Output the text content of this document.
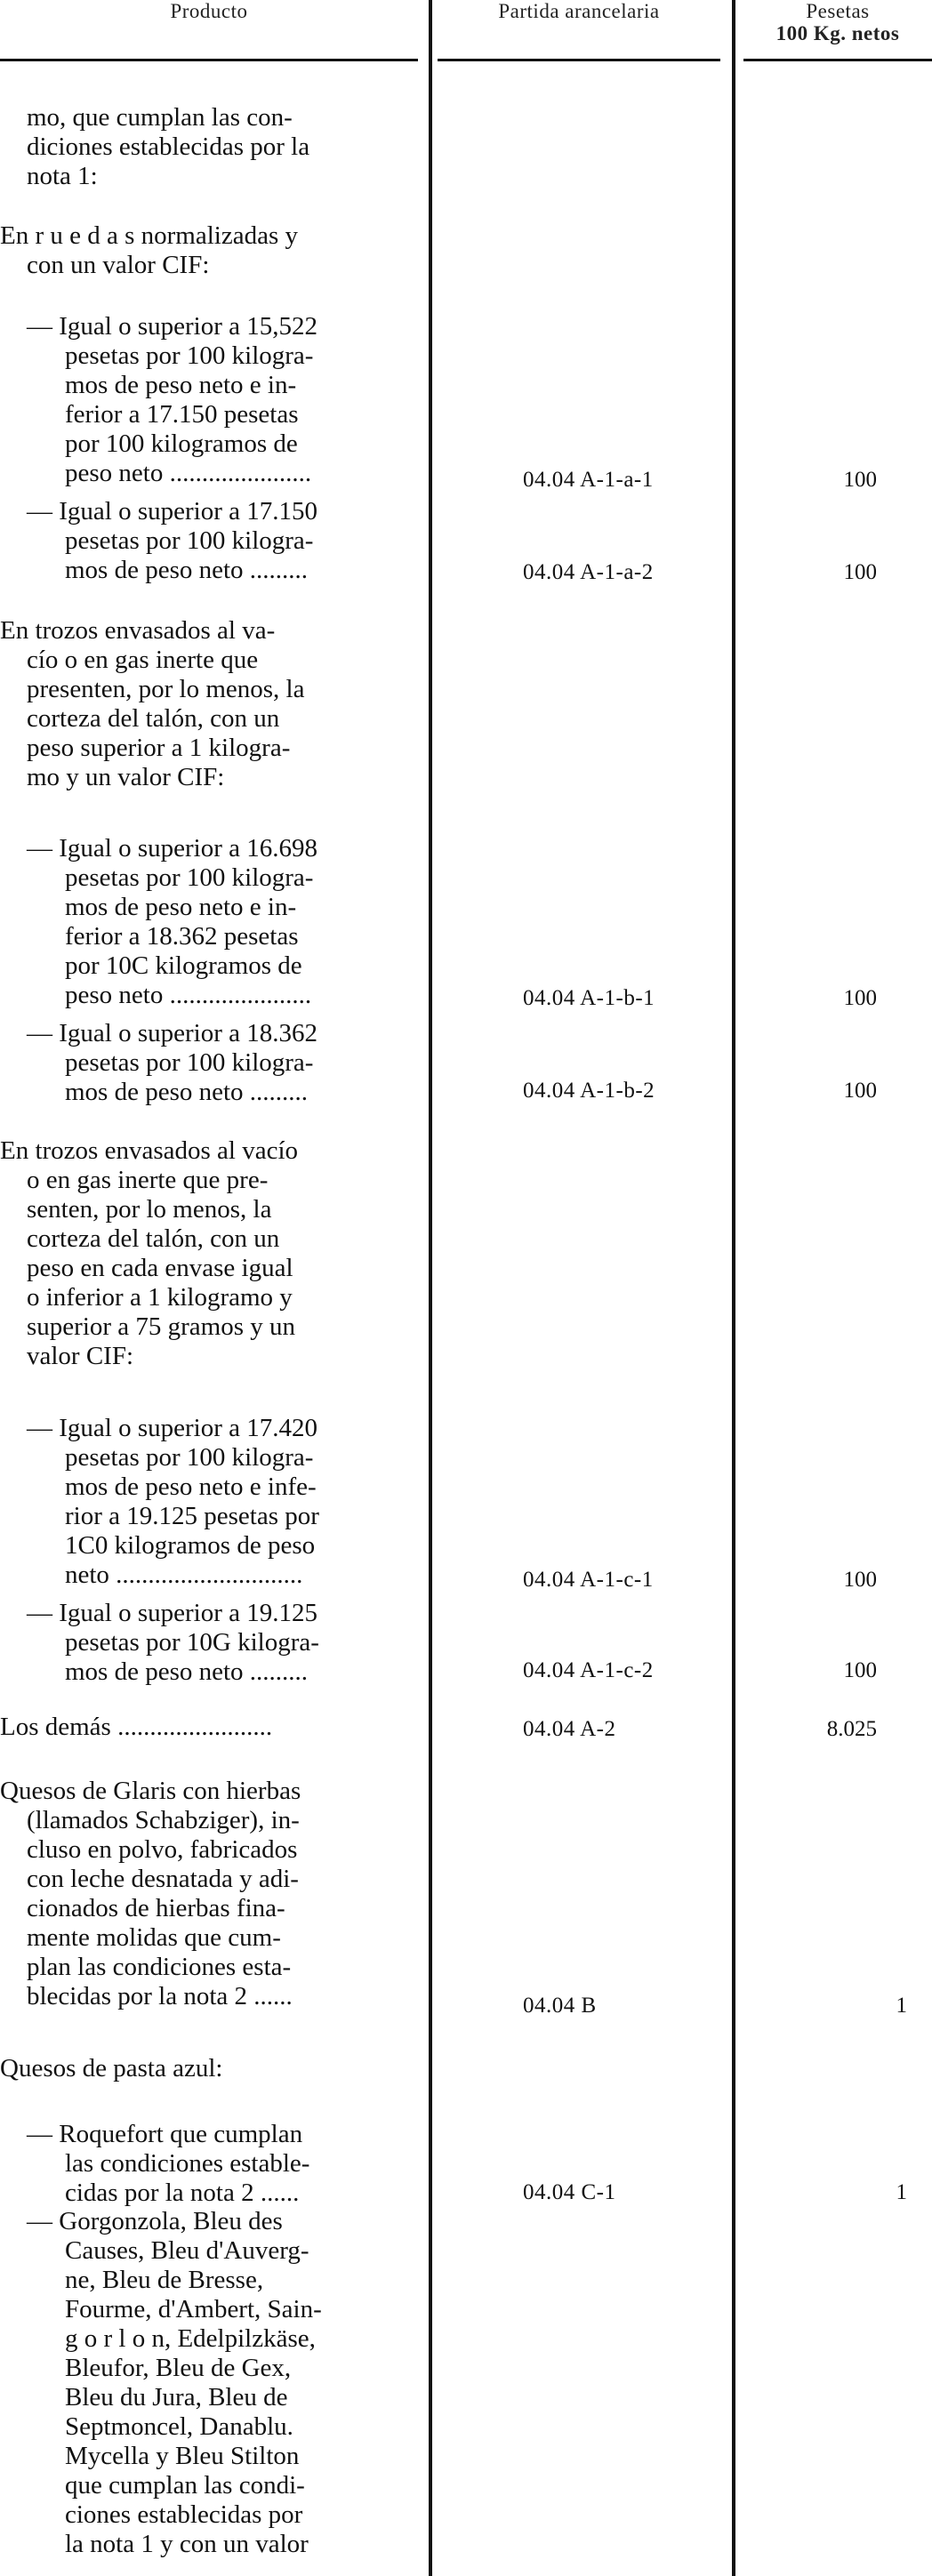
Producto	Partida arancelaria	Pesetas
100 Kg. netos
mo, que cumplan las con-
diciones establecidas por la
nota 1:
En r u e d a s normalizadas y
con un valor CIF:
— Igual o superior a 15,522
pesetas por 100 kilogra-
mos de peso neto e in-
ferior a 17.150 pesetas
por 100 kilogramos de
peso neto ......................
— Igual o superior a 17.150
pesetas por 100 kilogra-
mos de peso neto .........
En trozos envasados al va-
cío o en gas inerte que
presenten, por lo menos, la
corteza del talón, con un
peso superior a 1 kilogra-
mo y un valor CIF:
— Igual o superior a 16.698
pesetas por 100 kilogra-
mos de peso neto e in-
ferior a 18.362 pesetas
por 10C kilogramos de
peso neto ......................
— Igual o superior a 18.362
pesetas por 100 kilogra-
mos de peso neto .........
En trozos envasados al vacío
o en gas inerte que pre-
senten, por lo menos, la
corteza del talón, con un
peso en cada envase igual
o inferior a 1 kilogramo y
superior a 75 gramos y un
valor CIF:
— Igual o superior a 17.420
pesetas por 100 kilogra-
mos de peso neto e infe-
rior a 19.125 pesetas por
1C0 kilogramos de peso
neto .............................
— Igual o superior a 19.125
pesetas por 10G kilogra-
mos de peso neto .........
Los demás ........................
Quesos de Glaris con hierbas
(llamados Schabziger), in-
cluso en polvo, fabricados
con leche desnatada y adi-
cionados de hierbas fina-
mente molidas que cum-
plan las condiciones esta-
blecidas por la nota 2 ......
Quesos de pasta azul:
— Roquefort que cumplan
las condiciones estable-
cidas por la nota 2 ......
— Gorgonzola, Bleu des
Causes, Bleu d'Auverg-
ne, Bleu de Bresse,
Fourme, d'Ambert, Sain-
g o r l o n, Edelpilzkäse,
Bleufor, Bleu de Gex,
Bleu du Jura, Bleu de
Septmoncel, Danablu.
Mycella y Bleu Stilton
que cumplan las condi-
ciones establecidas por
la nota 1 y con un valor
04.04 A-1-a-1
04.04 A-1-a-2
04.04 A-1-b-1
04.04 A-1-b-2
04.04 A-1-c-1
04.04 A-1-c-2
04.04 A-2
04.04 B
04.04 C-1
100
100
100
100
100
100
8.025
1
1
